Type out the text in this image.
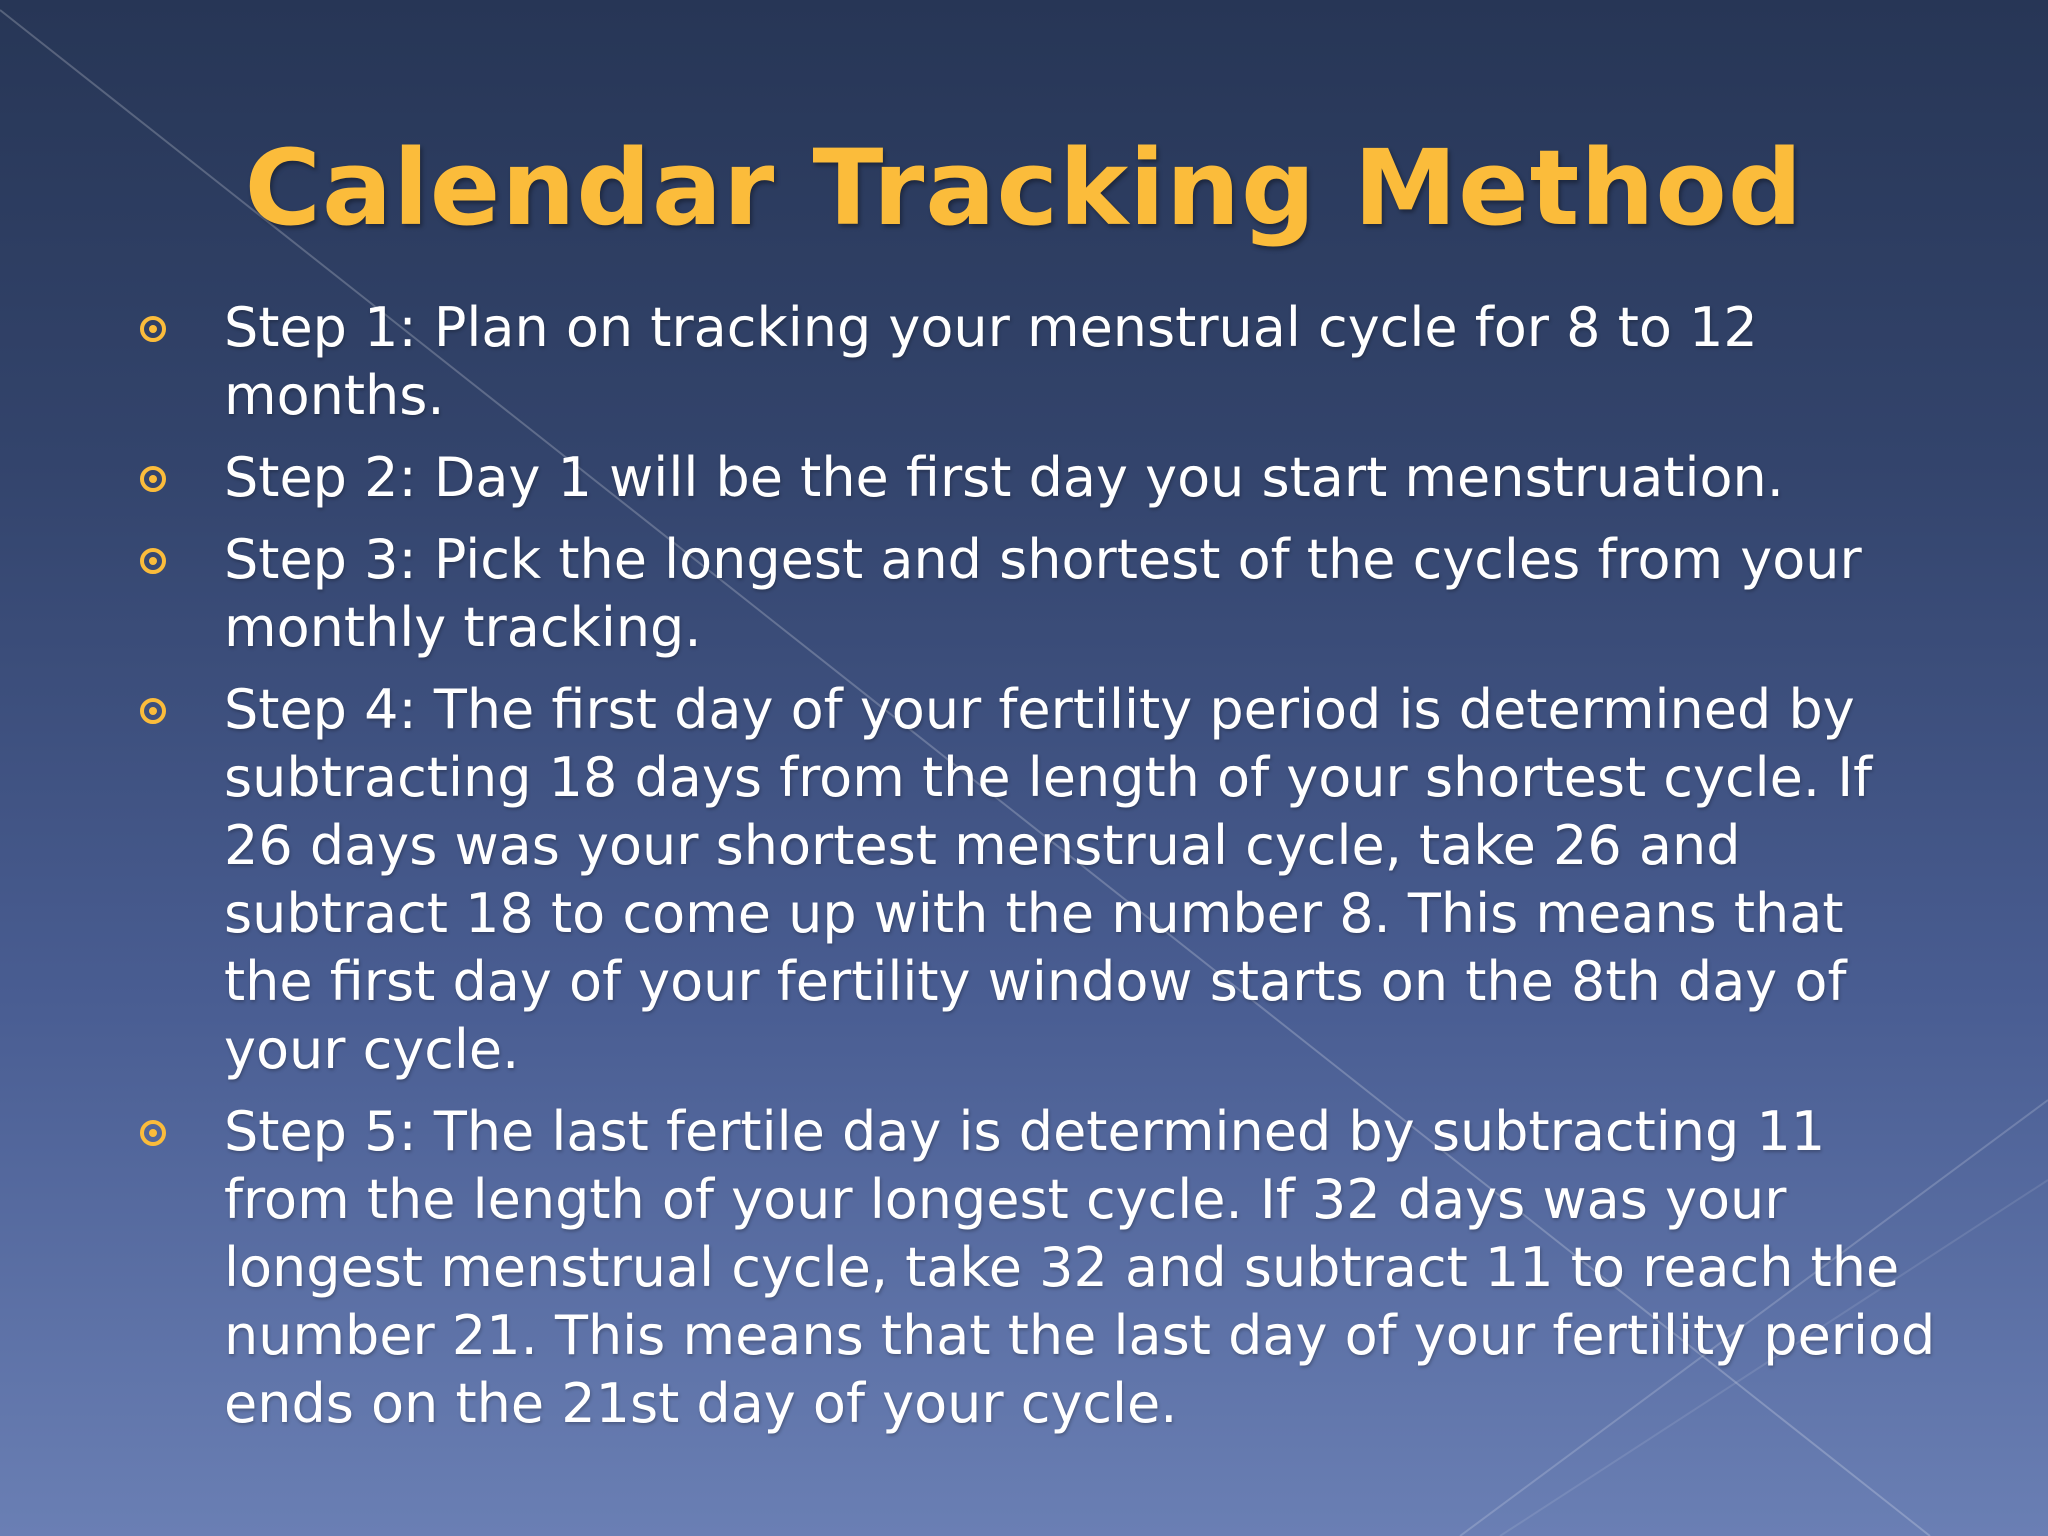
Calendar Tracking Method
Step 1: Plan on tracking your menstrual cycle for 8 to 12 months.
Step 2: Day 1 will be the first day you start menstruation.
Step 3: Pick the longest and shortest of the cycles from your monthly tracking.
Step 4: The first day of your fertility period is determined by subtracting 18 days from the length of your shortest cycle. If 26 days was your shortest menstrual cycle, take 26 and subtract 18 to come up with the number 8. This means that the first day of your fertility window starts on the 8th day of your cycle.
Step 5: The last fertile day is determined by subtracting 11 from the length of your longest cycle. If 32 days was your longest menstrual cycle, take 32 and subtract 11 to reach the number 21. This means that the last day of your fertility period ends on the 21st day of your cycle.
